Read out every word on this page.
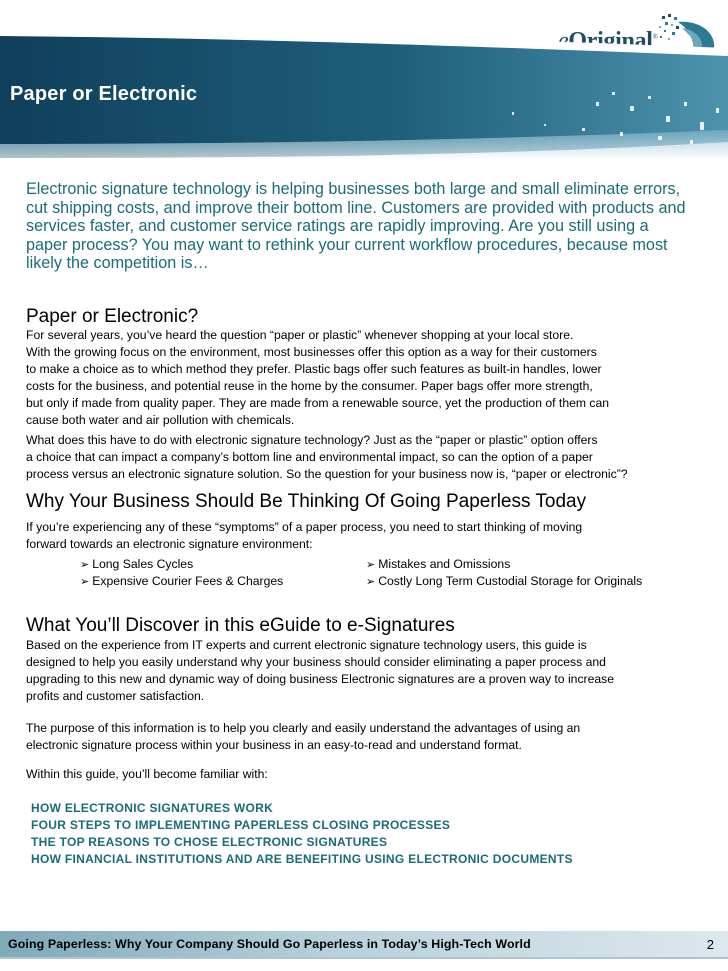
eOriginal®
Paper or Electronic

Electronic signature technology is helping businesses both large and small eliminate errors, cut shipping costs, and improve their bottom line. Customers are provided with products and services faster, and customer service ratings are rapidly improving. Are you still using a paper process? You may want to rethink your current workflow procedures, because most likely the competition is…

Paper or Electronic?

For several years, you’ve heard the question “paper or plastic” whenever shopping at your local store.
With the growing focus on the environment, most businesses offer this option as a way for their customers
to make a choice as to which method they prefer. Plastic bags offer such features as built-in handles, lower
costs for the business, and potential reuse in the home by the consumer. Paper bags offer more strength,
but only if made from quality paper. They are made from a renewable source, yet the production of them can
cause both water and air pollution with chemicals.

What does this have to do with electronic signature technology? Just as the “paper or plastic” option offers
a choice that can impact a company’s bottom line and environmental impact, so can the option of a paper
process versus an electronic signature solution. So the question for your business now is, “paper or electronic”?

Why Your Business Should Be Thinking Of Going Paperless Today

If you’re experiencing any of these “symptoms” of a paper process, you need to start thinking of moving
forward towards an electronic signature environment:

➢ Long Sales Cycles	➢ Mistakes and Omissions
➢ Expensive Courier Fees & Charges	➢ Costly Long Term Custodial Storage for Originals
What You’ll Discover in this eGuide to e-Signatures

Based on the experience from IT experts and current electronic signature technology users, this guide is
designed to help you easily understand why your business should consider eliminating a paper process and
upgrading to this new and dynamic way of doing business Electronic signatures are a proven way to increase
profits and customer satisfaction.

The purpose of this information is to help you clearly and easily understand the advantages of using an
electronic signature process within your business in an easy-to-read and understand format.

Within this guide, you’ll become familiar with:

HOW ELECTRONIC SIGNATURES WORK
FOUR STEPS TO IMPLEMENTING PAPERLESS CLOSING PROCESSES
THE TOP REASONS TO CHOSE ELECTRONIC SIGNATURES
HOW FINANCIAL INSTITUTIONS AND ARE BENEFITING USING ELECTRONIC DOCUMENTS
Going Paperless: Why Your Company Should Go Paperless in Today’s High-Tech World	2
